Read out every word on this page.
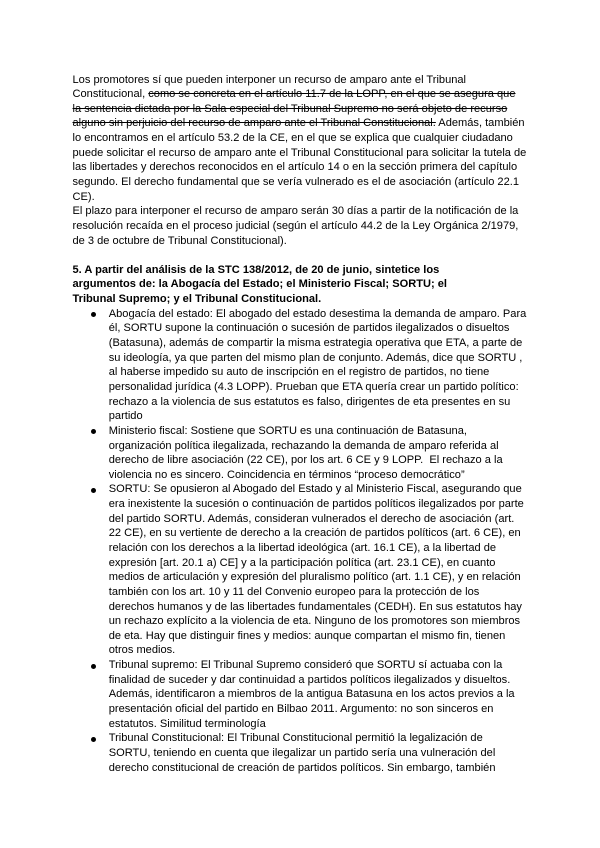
Los promotores sí que pueden interponer un recurso de amparo ante el Tribunal
Constitucional, como se concreta en el artículo 11.7 de la LOPP, en el que se asegura que
la sentencia dictada por la Sala especial del Tribunal Supremo no será objeto de recurso
alguno sin perjuicio del recurso de amparo ante el Tribunal Constitucional. Además, también
lo encontramos en el artículo 53.2 de la CE, en el que se explica que cualquier ciudadano
puede solicitar el recurso de amparo ante el Tribunal Constitucional para solicitar la tutela de
las libertades y derechos reconocidos en el artículo 14 o en la sección primera del capítulo
segundo. El derecho fundamental que se vería vulnerado es el de asociación (artículo 22.1
CE).
El plazo para interponer el recurso de amparo serán 30 días a partir de la notificación de la
resolución recaída en el proceso judicial (según el artículo 44.2 de la Ley Orgánica 2/1979,
de 3 de octubre de Tribunal Constitucional).
5. A partir del análisis de la STC 138/2012, de 20 de junio, sintetice los
argumentos de: la Abogacía del Estado; el Ministerio Fiscal; SORTU; el
Tribunal Supremo; y el Tribunal Constitucional.
Abogacía del estado: El abogado del estado desestima la demanda de amparo. Para
él, SORTU supone la continuación o sucesión de partidos ilegalizados o disueltos
(Batasuna), además de compartir la misma estrategia operativa que ETA, a parte de
su ideología, ya que parten del mismo plan de conjunto. Además, dice que SORTU ,
al haberse impedido su auto de inscripción en el registro de partidos, no tiene
personalidad jurídica (4.3 LOPP). Prueban que ETA quería crear un partido político:
rechazo a la violencia de sus estatutos es falso, dirigentes de eta presentes en su
partido
Ministerio fiscal: Sostiene que SORTU es una continuación de Batasuna,
organización política ilegalizada, rechazando la demanda de amparo referida al
derecho de libre asociación (22 CE), por los art. 6 CE y 9 LOPP.  El rechazo a la
violencia no es sincero. Coincidencia en términos “proceso democrático”
SORTU: Se opusieron al Abogado del Estado y al Ministerio Fiscal, asegurando que
era inexistente la sucesión o continuación de partidos políticos ilegalizados por parte
del partido SORTU. Además, consideran vulnerados el derecho de asociación (art.
22 CE), en su vertiente de derecho a la creación de partidos políticos (art. 6 CE), en
relación con los derechos a la libertad ideológica (art. 16.1 CE), a la libertad de
expresión [art. 20.1 a) CE] y a la participación política (art. 23.1 CE), en cuanto
medios de articulación y expresión del pluralismo político (art. 1.1 CE), y en relación
también con los art. 10 y 11 del Convenio europeo para la protección de los
derechos humanos y de las libertades fundamentales (CEDH). En sus estatutos hay
un rechazo explícito a la violencia de eta. Ninguno de los promotores son miembros
de eta. Hay que distinguir fines y medios: aunque compartan el mismo fin, tienen
otros medios.
Tribunal supremo: El Tribunal Supremo consideró que SORTU sí actuaba con la
finalidad de suceder y dar continuidad a partidos políticos ilegalizados y disueltos.
Además, identificaron a miembros de la antigua Batasuna en los actos previos a la
presentación oficial del partido en Bilbao 2011. Argumento: no son sinceros en
estatutos. Similitud terminología
Tribunal Constitucional: El Tribunal Constitucional permitió la legalización de
SORTU, teniendo en cuenta que ilegalizar un partido sería una vulneración del
derecho constitucional de creación de partidos políticos. Sin embargo, también
